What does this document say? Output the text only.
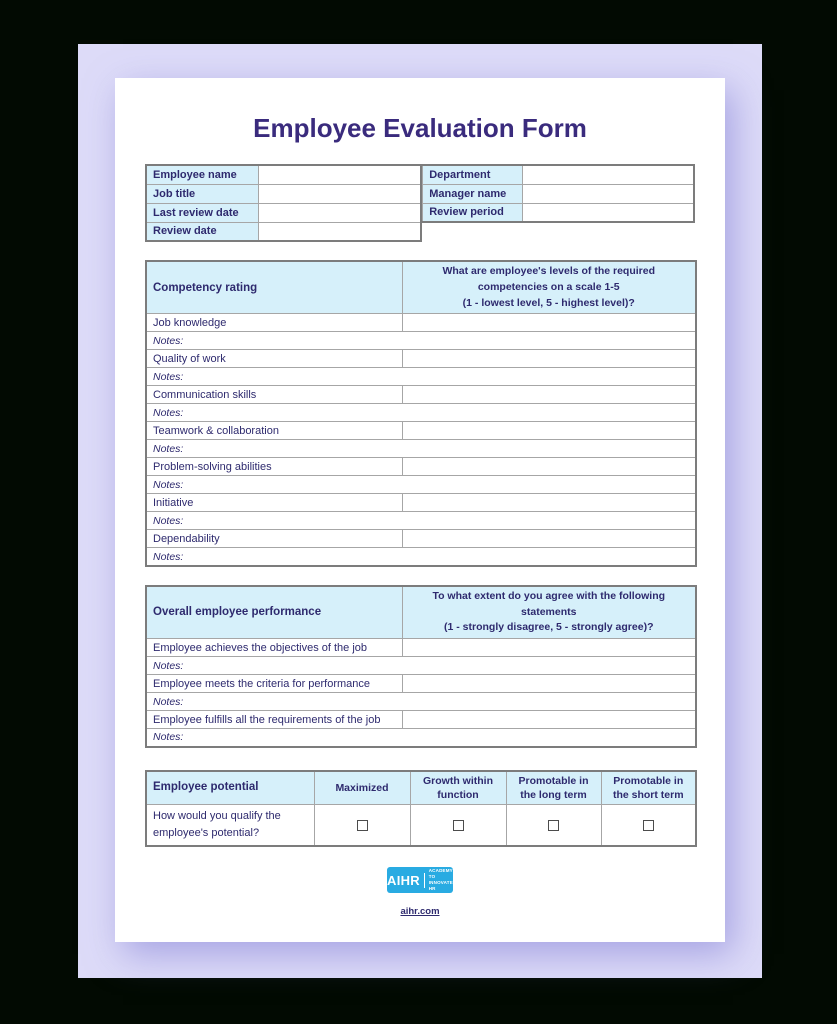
Employee Evaluation Form
Employee name	
Job title	
Last review date	
Review date	
Department	
Manager name	
Review period	
Competency rating	What are employee's levels of the required
competencies on a scale 1-5
(1 - lowest level, 5 - highest level)?

Job knowledge	
Notes:	
Quality of work	
Notes:	
Communication skills	
Notes:	
Teamwork & collaboration	
Notes:	
Problem-solving abilities	
Notes:	
Initiative	
Notes:	
Dependability	
Notes:	
Overall employee performance	To what extent do you agree with the following
statements
(1 - strongly disagree, 5 - strongly agree)?

Employee achieves the objectives of the job	
Notes:	
Employee meets the criteria for performance	
Notes:	
Employee fulfills all the requirements of the job	
Notes:	
Employee potential	Maximized	Growth within function	Promotable in the long term	Promotable in the short term
How would you qualify the employee's potential?				
AIHR
ACADEMY TO
INNOVATE HR
aihr.com
